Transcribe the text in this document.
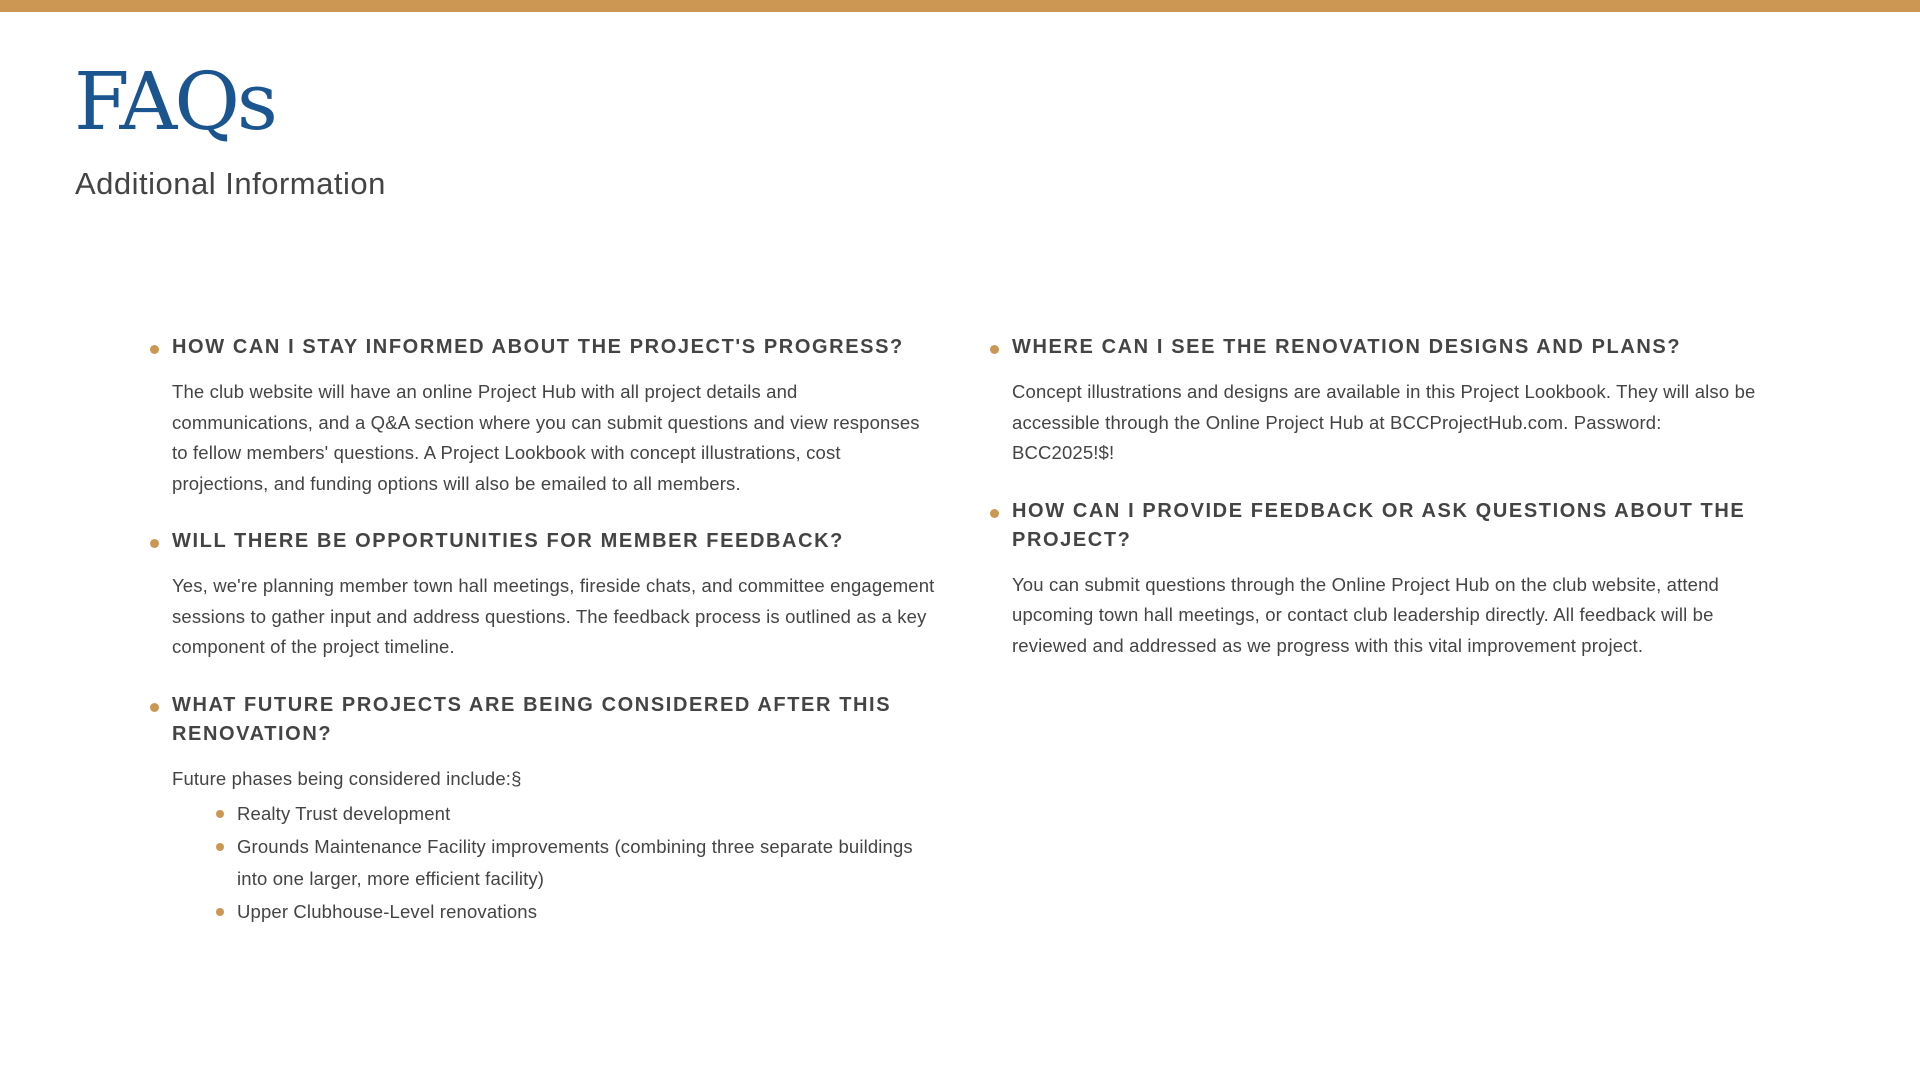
FAQs
Additional Information
HOW CAN I STAY INFORMED ABOUT THE PROJECT'S PROGRESS?

The club website will have an online Project Hub with all project details and communications, and a Q&A section where you can submit questions and view responses to fellow members' questions. A Project Lookbook with concept illustrations, cost projections, and funding options will also be emailed to all members.

WILL THERE BE OPPORTUNITIES FOR MEMBER FEEDBACK?

Yes, we're planning member town hall meetings, fireside chats, and committee engagement sessions to gather input and address questions. The feedback process is outlined as a key component of the project timeline.

WHAT FUTURE PROJECTS ARE BEING CONSIDERED AFTER THIS RENOVATION?

Future phases being considered include:§

Realty Trust development
Grounds Maintenance Facility improvements (combining three separate buildings into one larger, more efficient facility)
Upper Clubhouse-Level renovations
WHERE CAN I SEE THE RENOVATION DESIGNS AND PLANS?

Concept illustrations and designs are available in this Project Lookbook. They will also be accessible through the Online Project Hub at BCCProjectHub.com. Password: BCC2025!$!

HOW CAN I PROVIDE FEEDBACK OR ASK QUESTIONS ABOUT THE PROJECT?

You can submit questions through the Online Project Hub on the club website, attend upcoming town hall meetings, or contact club leadership directly. All feedback will be reviewed and addressed as we progress with this vital improvement project.
